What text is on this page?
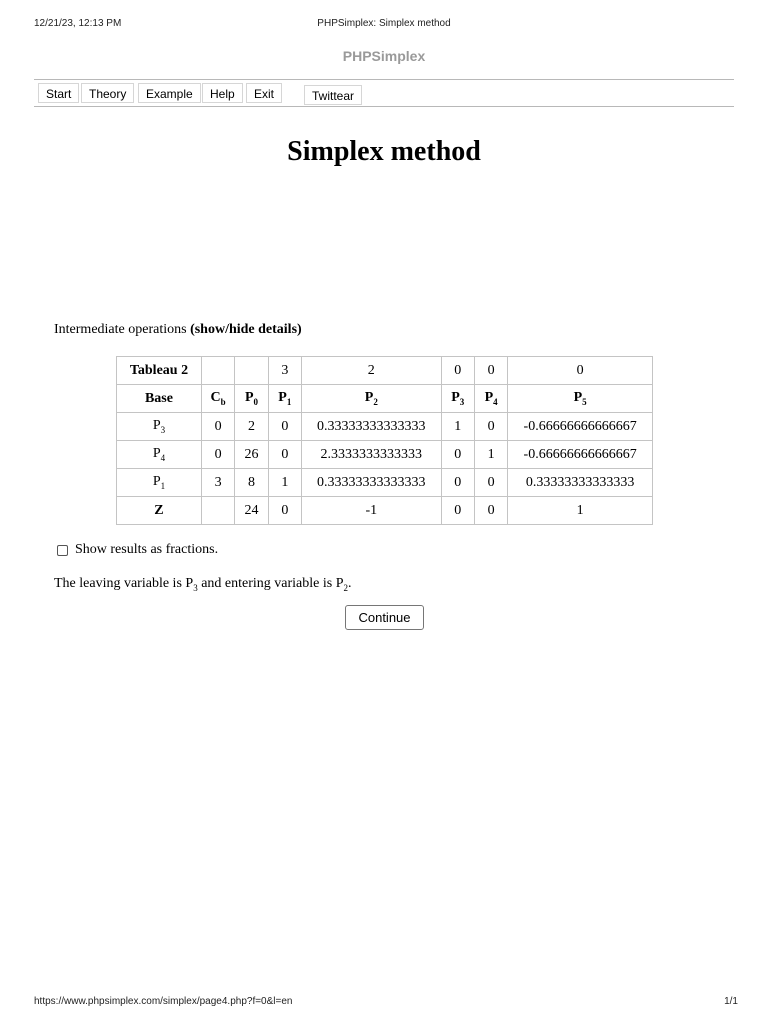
12/21/23, 12:13 PM	PHPSimplex: Simplex method
PHPSimplex
Start	Theory	Example	Help	Exit	Twittear
Simplex method
Intermediate operations (show/hide details)
Tableau 2			3	2	0	0	0
Base	$C_b$	$P_0$	$P_1$	$P_2$	$P_3$	$P_4$	$P_5$
$P_3$	0	2	0	0.33333333333333	1	0	-0.66666666666667
$P_4$	0	26	0	2.3333333333333	0	1	-0.66666666666667
$P_1$	3	8	1	0.33333333333333	0	0	0.33333333333333
Z		24	0	-1	0	0	1
Show results as fractions.
The leaving variable is $P_3$ and entering variable is $P_2$.
Continue
https://www.phpsimplex.com/simplex/page4.php?f=0&l=en	1/1
